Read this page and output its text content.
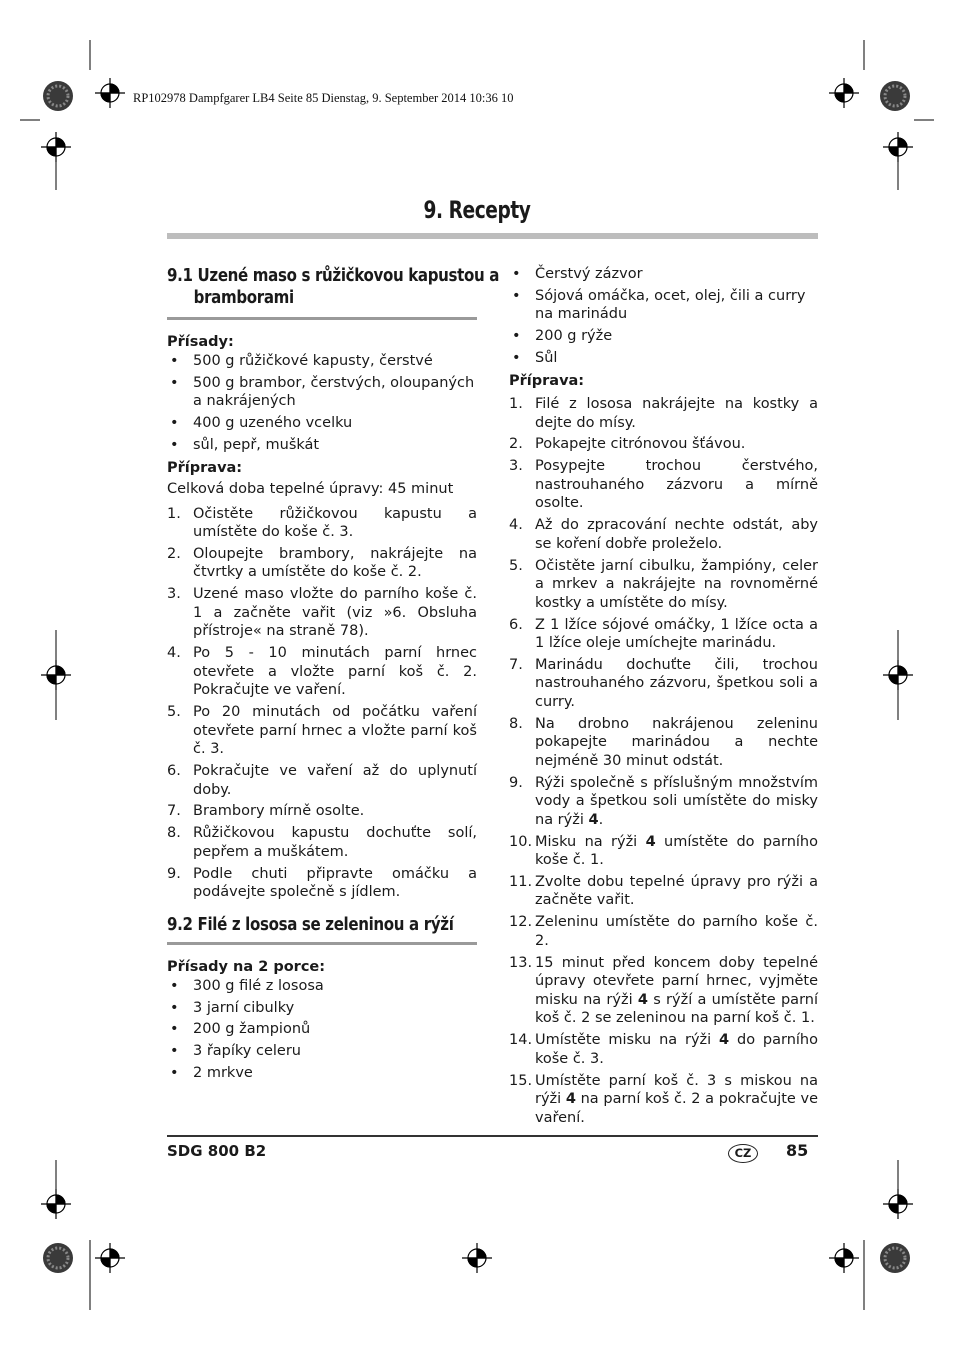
RP102978 Dampfgarer LB4 Seite 85 Dienstag, 9. September 2014 10:36 10
9. Recepty
9.1 Uzené maso s růžičkovou kapustou a
bramborami
Přísady:
• 500 g růžičkové kapusty, čerstvé
• 500 g brambor, čerstvých, oloupaných a nakrájených
• 400 g uzeného vcelku
• sůl, pepř, muškát
Příprava:
Celková doba tepelné úpravy: 45 minut
1. Očistěte růžičkovou kapustu a umístěte do koše č. 3.
2. Oloupejte brambory, nakrájejte na čtvrtky a umístěte do koše č. 2.
3. Uzené maso vložte do parního koše č. 1 a začněte vařit (viz »6. Obsluha přístroje« na straně 78).
4. Po 5 - 10 minutách parní hrnec otevřete a vložte parní koš č. 2. Pokračujte ve vaření.
5. Po 20 minutách od počátku vaření otevřete parní hrnec a vložte parní koš č. 3.
6. Pokračujte ve vaření až do uplynutí doby.
7. Brambory mírně osolte.
8. Růžičkovou kapustu dochuťte solí, pepřem a muškátem.
9. Podle chuti připravte omáčku a podávejte společně s jídlem.
9.2 Filé z lososa se zeleninou a rýží
Přísady na 2 porce:
• 300 g filé z lososa
• 3 jarní cibulky
• 200 g žampionů
• 3 řapíky celeru
• 2 mrkve
• Čerstvý zázvor
• Sójová omáčka, ocet, olej, čili a curry na marinádu
• 200 g rýže
• Sůl
Příprava:
1. Filé z lososa nakrájejte na kostky a dejte do mísy.
2. Pokapejte citrónovou šťávou.
3. Posypejte trochou čerstvého, nastrouhaného zázvoru a mírně osolte.
4. Až do zpracování nechte odstát, aby se koření dobře proleželo.
5. Očistěte jarní cibulku, žampióny, celer a mrkev a nakrájejte na rovnoměrné kostky a umístěte do mísy.
6. Z 1 lžíce sójové omáčky, 1 lžíce octa a 1 lžíce oleje umíchejte marinádu.
7. Marinádu dochuťte čili, trochou nastrouhaného zázvoru, špetkou soli a curry.
8. Na drobno nakrájenou zeleninu pokapejte marinádou a nechte nejméně 30 minut odstát.
9. Rýži společně s příslušným množstvím vody a špetkou soli umístěte do misky na rýži 4.
10. Misku na rýži 4 umístěte do parního koše č. 1.
11. Zvolte dobu tepelné úpravy pro rýži a začněte vařit.
12. Zeleninu umístěte do parního koše č. 2.
13. 15 minut před koncem doby tepelné úpravy otevřete parní hrnec, vyjměte misku na rýži 4 s rýží a umístěte parní koš č. 2 se zeleninou na parní koš č. 1.
14. Umístěte misku na rýži 4 do parního koše č. 3.
15. Umístěte parní koš č. 3 s miskou na rýži 4 na parní koš č. 2 a pokračujte ve vaření.
SDG 800 B2	CZ	85
